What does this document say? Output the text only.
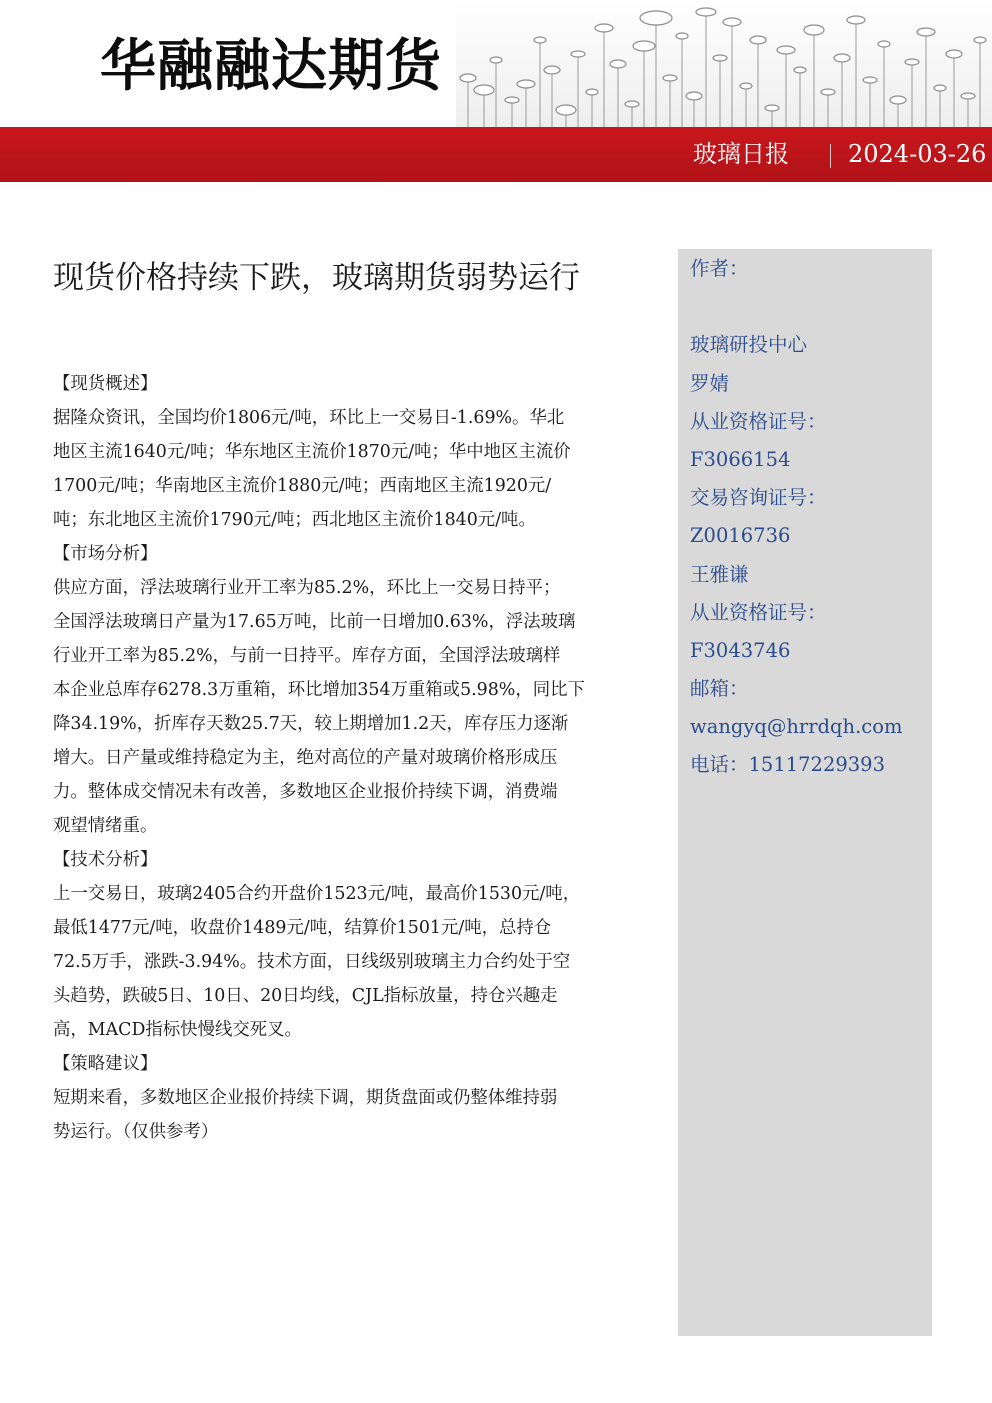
华融融达期货
玻璃日报 2024-03-26
现货价格持续下跌，玻璃期货弱势运行

【现货概述】

据隆众资讯，全国均价1806元/吨，环比上一交易日-1.69%。华北

地区主流1640元/吨；华东地区主流价1870元/吨；华中地区主流价

1700元/吨；华南地区主流价1880元/吨；西南地区主流1920元/

吨；东北地区主流价1790元/吨；西北地区主流价1840元/吨。

【市场分析】

供应方面，浮法玻璃行业开工率为85.2%，环比上一交易日持平；

全国浮法玻璃日产量为17.65万吨，比前一日增加0.63%，浮法玻璃

行业开工率为85.2%，与前一日持平。库存方面，全国浮法玻璃样

本企业总库存6278.3万重箱，环比增加354万重箱或5.98%，同比下

降34.19%，折库存天数25.7天，较上期增加1.2天，库存压力逐渐

增大。日产量或维持稳定为主，绝对高位的产量对玻璃价格形成压

力。整体成交情况未有改善，多数地区企业报价持续下调，消费端

观望情绪重。

【技术分析】

上一交易日，玻璃2405合约开盘价1523元/吨，最高价1530元/吨，

最低1477元/吨，收盘价1489元/吨，结算价1501元/吨，总持仓

72.5万手，涨跌-3.94%。技术方面，日线级别玻璃主力合约处于空

头趋势，跌破5日、10日、20日均线，CJL指标放量，持仓兴趣走

高，MACD指标快慢线交死叉。

【策略建议】

短期来看，多数地区企业报价持续下调，期货盘面或仍整体维持弱

势运行。（仅供参考）

作者：
玻璃研投中心
罗婧
从业资格证号：
F3066154
交易咨询证号：
Z0016736
王雅谦
从业资格证号：
F3043746
邮箱：
wangyq@hrrdqh.com
电话：15117229393
